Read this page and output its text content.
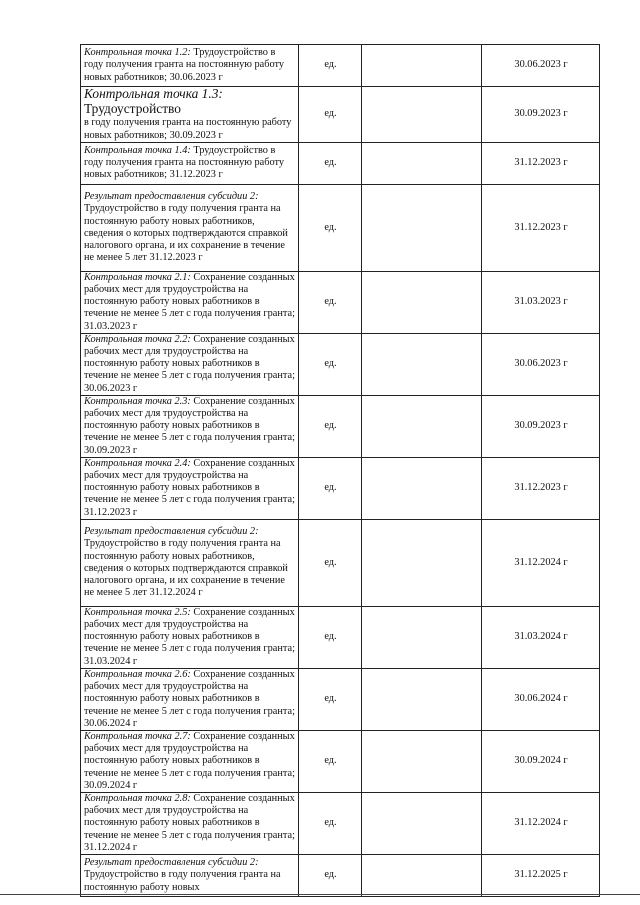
Контрольная точка 1.2: Трудоустройство в году получения гранта на постоянную работу новых работников; 30.06.2023 г	ед.		30.06.2023 г
Контрольная точка 1.3: Трудоустройство
в году получения гранта на постоянную работу новых работников; 30.09.2023 г	ед.		30.09.2023 г
Контрольная точка 1.4: Трудоустройство в году получения гранта на постоянную работу новых работников; 31.12.2023 г	ед.		31.12.2023 г
Результат предоставления субсидии 2: Трудоустройство в году получения гранта на постоянную работу новых работников, сведения о которых подтверждаются справкой налогового органа, и их сохранение в течение не менее 5 лет 31.12.2023 г	ед.		31.12.2023 г
Контрольная точка 2.1: Сохранение созданных рабочих мест для трудоустройства на постоянную работу новых работников в течение не менее 5 лет с года получения гранта; 31.03.2023 г	ед.		31.03.2023 г
Контрольная точка 2.2: Сохранение созданных рабочих мест для трудоустройства на постоянную работу новых работников в течение не менее 5 лет с года получения гранта; 30.06.2023 г	ед.		30.06.2023 г
Контрольная точка 2.3: Сохранение созданных рабочих мест для трудоустройства на постоянную работу новых работников в течение не менее 5 лет с года получения гранта; 30.09.2023 г	ед.		30.09.2023 г
Контрольная точка 2.4: Сохранение созданных рабочих мест для трудоустройства на постоянную работу новых работников в течение не менее 5 лет с года получения гранта; 31.12.2023 г	ед.		31.12.2023 г
Результат предоставления субсидии 2: Трудоустройство в году получения гранта на постоянную работу новых работников, сведения о которых подтверждаются справкой налогового органа, и их сохранение в течение не менее 5 лет 31.12.2024 г	ед.		31.12.2024 г
Контрольная точка 2.5: Сохранение созданных рабочих мест для трудоустройства на постоянную работу новых работников в течение не менее 5 лет с года получения гранта; 31.03.2024 г	ед.		31.03.2024 г
Контрольная точка 2.6: Сохранение созданных рабочих мест для трудоустройства на постоянную работу новых работников в течение не менее 5 лет с года получения гранта; 30.06.2024 г	ед.		30.06.2024 г
Контрольная точка 2.7: Сохранение созданных рабочих мест для трудоустройства на постоянную работу новых работников в течение не менее 5 лет с года получения гранта; 30.09.2024 г	ед.		30.09.2024 г
Контрольная точка 2.8: Сохранение созданных рабочих мест для трудоустройства на постоянную работу новых работников в течение не менее 5 лет с года получения гранта; 31.12.2024 г	ед.		31.12.2024 г
Результат предоставления субсидии 2: Трудоустройство в году получения гранта на постоянную работу новых	ед.		31.12.2025 г
